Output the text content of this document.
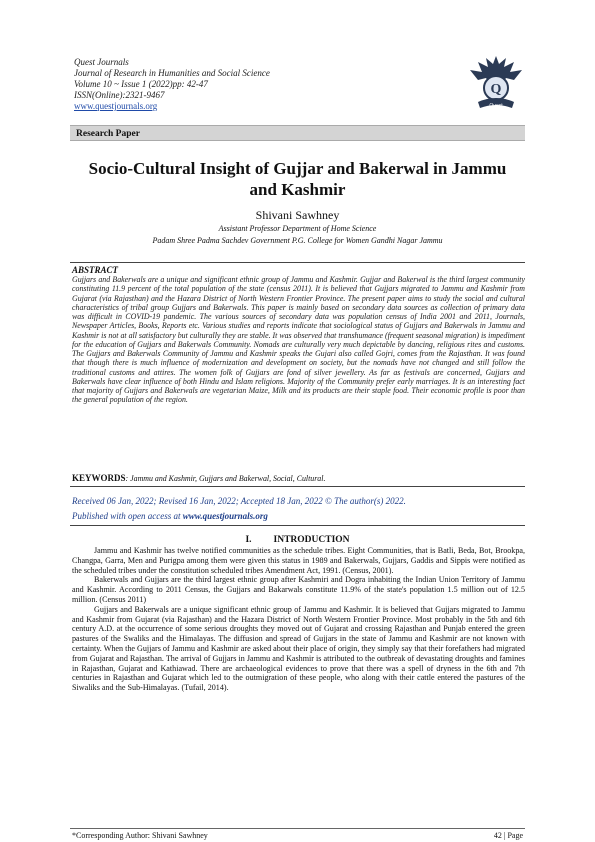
Quest Journals
Journal of Research in Humanities and Social Science
Volume 10 ~ Issue 1 (2022)pp: 42-47
ISSN(Online):2321-9467
www.questjournals.org
Q
Quest
Research Paper
Socio-Cultural Insight of Gujjar and Bakerwal in Jammu
and Kashmir
Shivani Sawhney
Assistant Professor Department of Home Science
Padam Shree Padma Sachdev Government P.G. College for Women Gandhi Nagar Jammu
ABSTRACT
Gujjars and Bakerwals are a unique and significant ethnic group of Jammu and Kashmir. Gujjar and Bakerwal is the third largest community constituting 11.9 percent of the total population of the state (census 2011). It is believed that Gujjars migrated to Jammu and Kashmir from Gujarat (via Rajasthan) and the Hazara District of North Western Frontier Province. The present paper aims to study the social and cultural characteristics of tribal group Gujjars and Bakerwals. This paper is mainly based on secondary data sources as collection of primary data was difficult in COVID-19 pandemic. The various sources of secondary data was population census of India 2001 and 2011, Journals, Newspaper Articles, Books, Reports etc. Various studies and reports indicate that sociological status of Gujjars and Bakerwals in Jammu and Kashmir is not at all satisfactory but culturally they are stable. It was observed that transhumance (frequent seasonal migration) is impediment for the education of Gujjars and Bakerwals Community. Nomads are culturally very much depictable by dancing, religious rites and customs. The Gujjars and Bakerwals Community of Jammu and Kashmir speaks the Gujari also called Gojri, comes from the Rajasthan. It was found that though there is much influence of modernization and development on society, but the nomads have not changed and still follow the traditional customs and attires. The women folk of Gujjars are fond of silver jewellery. As far as festivals are concerned, Gujjars and Bakerwals have clear influence of both Hindu and Islam religions. Majority of the Community prefer early marriages. It is an interesting fact that majority of Gujjars and Bakerwals are vegetarian Maize, Milk and its products are their staple food. Their economic profile is poor than the general population of the region.
KEYWORDS: Jammu and Kashmir, Gujjars and Bakerwal, Social, Cultural.
Received 06 Jan, 2022; Revised 16 Jan, 2022; Accepted 18 Jan, 2022 © The author(s) 2022.
Published with open access at www.questjournals.org
I. INTRODUCTION

Jammu and Kashmir has twelve notified communities as the schedule tribes. Eight Communities, that is Batli, Beda, Bot, Brookpa, Changpa, Garra, Men and Purigpa among them were given this status in 1989 and Bakerwals, Gujjars, Gaddis and Sippis were notified as the scheduled tribes under the constitution scheduled tribes Amendment Act, 1991. (Census, 2001).

Bakerwals and Gujjars are the third largest ethnic group after Kashmiri and Dogra inhabiting the Indian Union Territory of Jammu and Kashmir. According to 2011 Census, the Gujjars and Bakarwals constitute 11.9% of the state's population 1.5 million out of 12.5 million. (Census 2011)

Gujjars and Bakerwals are a unique significant ethnic group of Jammu and Kashmir. It is believed that Gujjars migrated to Jammu and Kashmir from Gujarat (via Rajasthan) and the Hazara District of North Western Frontier Province. Most probably in the 5th and 6th century A.D. at the occurrence of some serious droughts they moved out of Gujarat and crossing Rajasthan and Punjab entered the green pastures of the Swaliks and the Himalayas. The diffusion and spread of Gujjars in the state of Jammu and Kashmir are not known with certainty. When the Gujjars of Jammu and Kashmir are asked about their place of origin, they simply say that their forefathers had migrated from Gujarat and Rajasthan. The arrival of Gujjars in Jammu and Kashmir is attributed to the outbreak of devastating droughts and famines in Rajasthan, Gujarat and Kathiawad. There are archaeological evidences to prove that there was a spell of dryness in the 6th and 7th centuries in Rajasthan and Gujarat which led to the outmigration of these people, who along with their cattle entered the pastures of the Siwaliks and the Sub-Himalayas. (Tufail, 2014).

*Corresponding Author: Shivani Sawhney	42 | Page
